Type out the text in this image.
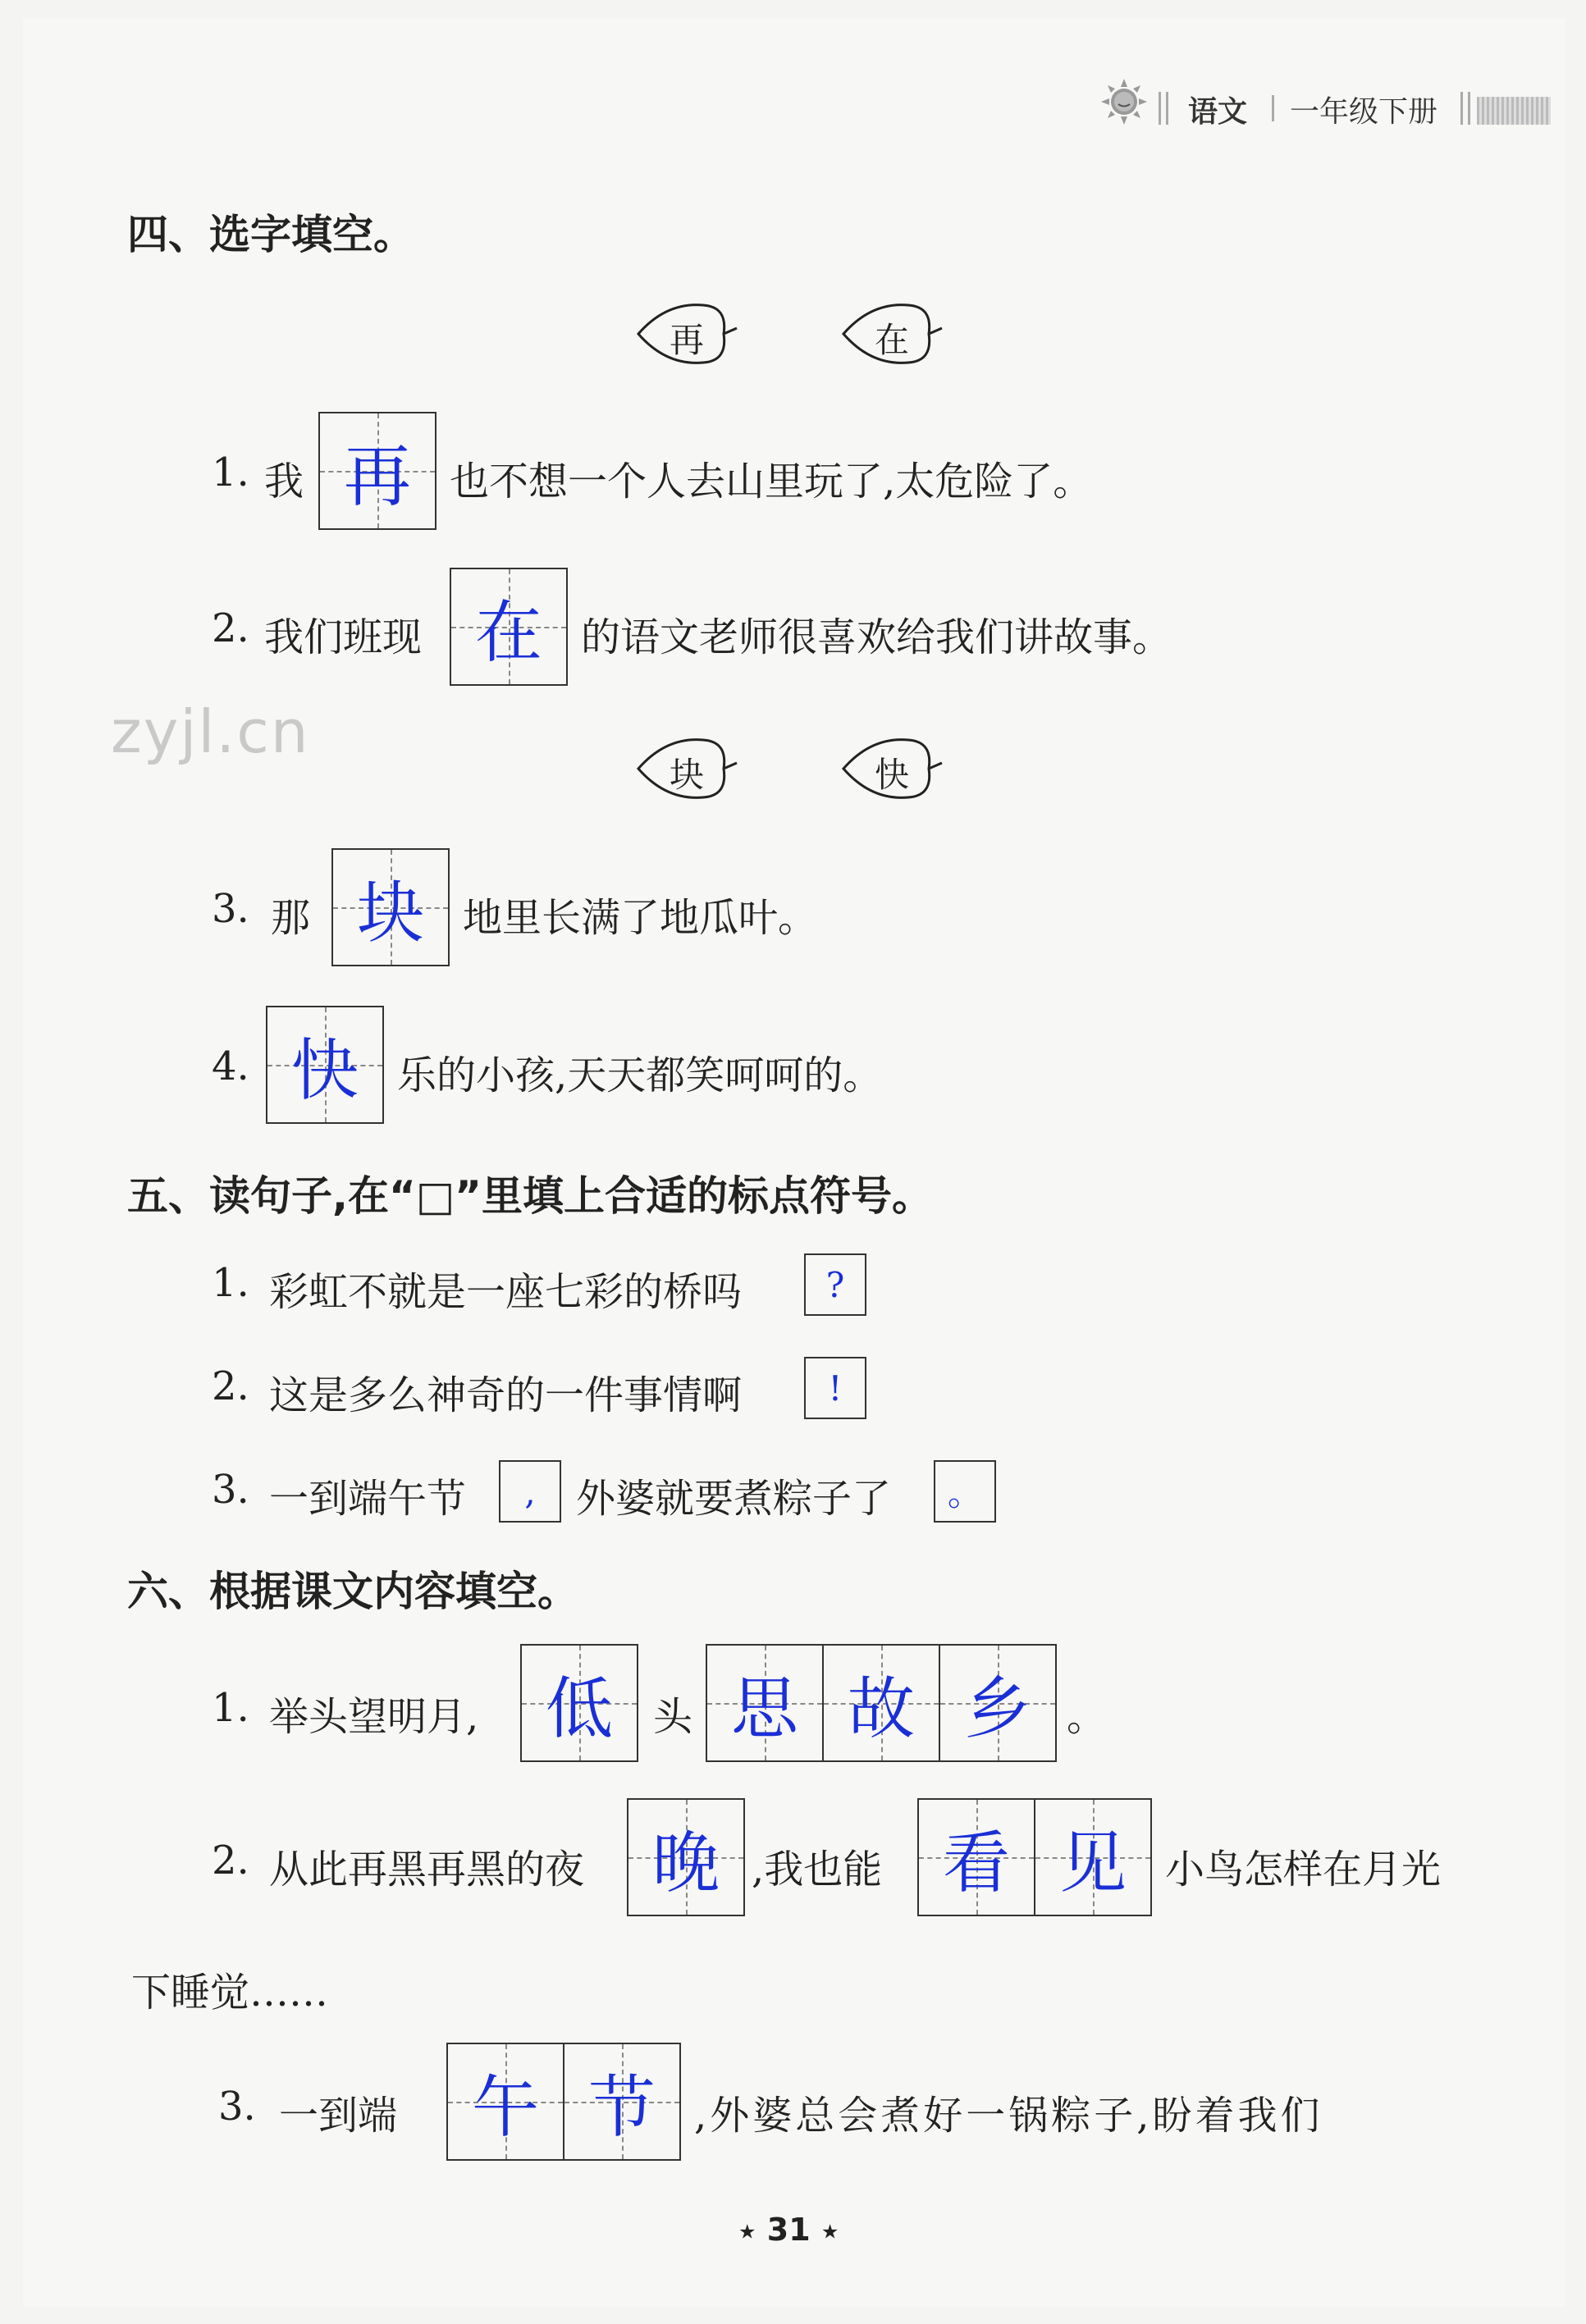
语文 一年级下册
四、选字填空。
再	在
1. 我 再 也不想一个人去山里玩了,太危险了。
2. 我们班现 在 的语文老师很喜欢给我们讲故事。
zyjl.cn
块	快
3. 那 块 地里长满了地瓜叶。
4. 快 乐的小孩,天天都笑呵呵的。
五、读句子,在“□”里填上合适的标点符号。
1. 彩虹不就是一座七彩的桥吗	?
2. 这是多么神奇的一件事情啊	!
3. 一到端午节	,	外婆就要煮粽子了	。
六、根据课文内容填空。
1. 举头望明月, 低	头 思 故 乡 。
2. 从此再黑再黑的夜	晚 ,我也能 看 见 小鸟怎样在月光
下睡觉……
3. 一到端	午 节 ,外婆总会煮好一锅粽子,盼着我们
★ 31 ★
